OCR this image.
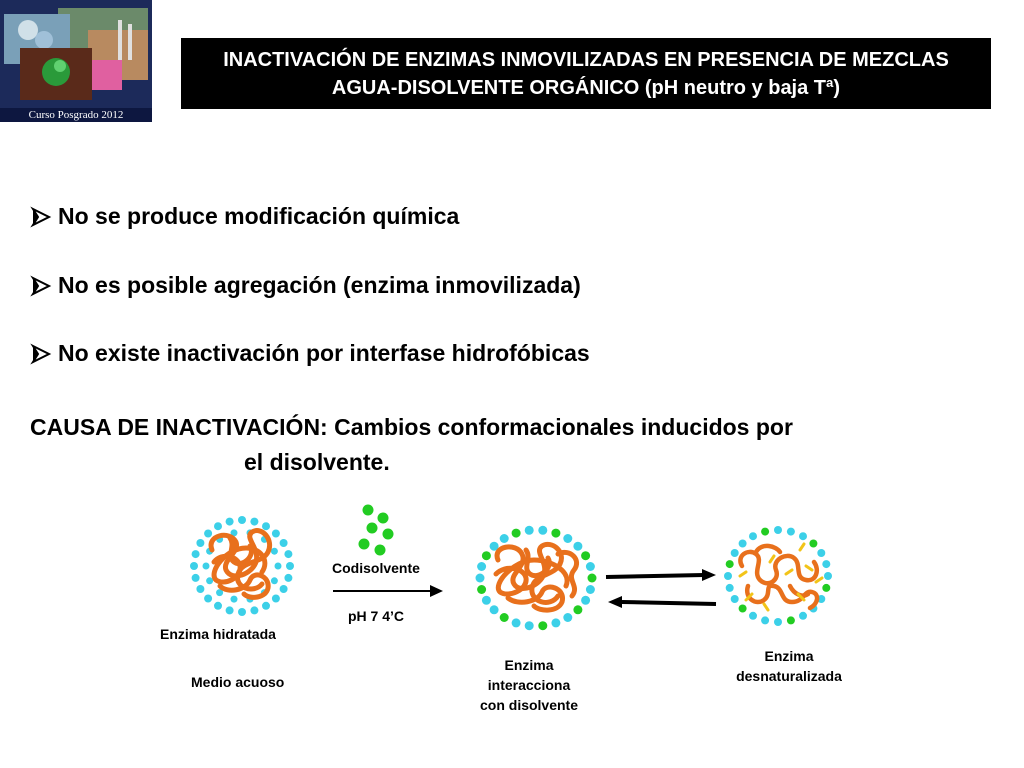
Curso Posgrado 2012
INACTIVACIÓN DE ENZIMAS INMOVILIZADAS EN PRESENCIA DE MEZCLAS
AGUA-DISOLVENTE ORGÁNICO (pH neutro y baja Tª)
No se produce modificación química
No es posible agregación (enzima inmovilizada)
No existe inactivación por interfase hidrofóbicas
CAUSA DE INACTIVACIÓN: Cambios conformacionales inducidos por
el disolvente.
Enzima hidratada
Medio acuoso
Codisolvente
pH 7 4’C
Enzima
interacciona
con disolvente
Enzima
desnaturalizada
